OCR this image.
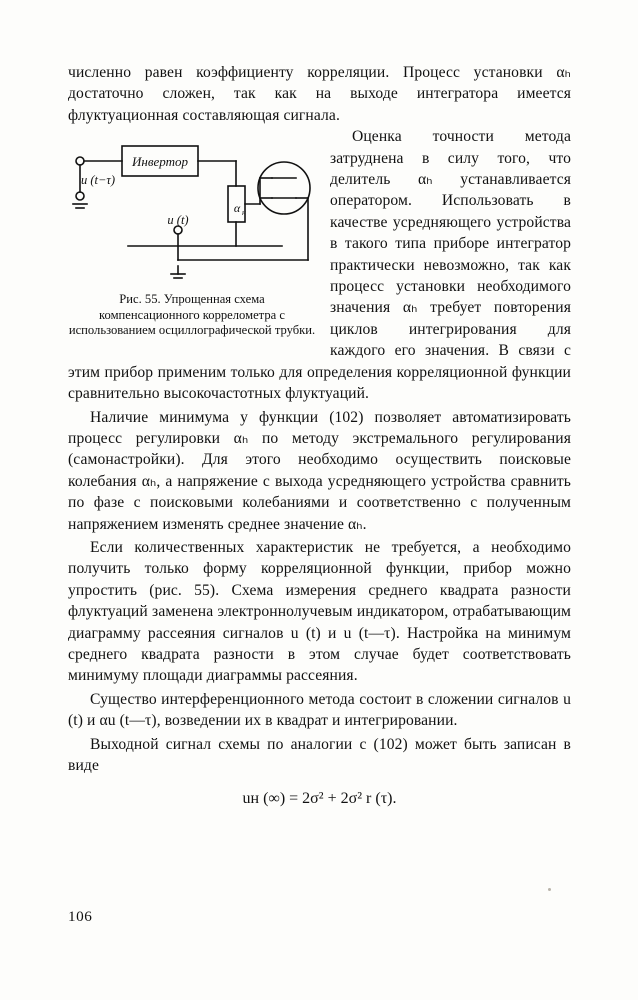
численно равен коэффициенту корреляции. Процесс установки αₕ достаточно сложен, так как на выходе интегратора имеется флуктуационная составляющая сигнала.

Инвертор
u (t−τ)
α н
u (t)
Рис. 55. Упрощенная схема компенсационного коррелометра с использованием осциллографической трубки.

Оценка точности метода затруднена в силу того, что делитель αₕ устанавливается оператором. Использовать в качестве усредняющего устройства в такого типа приборе интегратор практически невозможно, так как процесс установки необходимого значения αₕ требует повторения циклов интегрирования для каждого его значения. В связи с этим прибор применим только для определения корреляционной функции сравнительно высокочастотных флуктуаций.

Наличие минимума у функции (102) позволяет автоматизировать процесс регулировки αₕ по методу экстремального регулирования (самонастройки). Для этого необходимо осуществить поисковые колебания αₕ, а напряжение с выхода усредняющего устройства сравнить по фазе с поисковыми колебаниями и соответственно с полученным напряжением изменять среднее значение αₕ.

Если количественных характеристик не требуется, а необходимо получить только форму корреляционной функции, прибор можно упростить (рис. 55). Схема измерения среднего квадрата разности флуктуаций заменена электроннолучевым индикатором, отрабатывающим диаграмму рассеяния сигналов u (t) и u (t—τ). Настройка на минимум среднего квадрата разности в этом случае будет соответствовать минимуму площади диаграммы рассеяния.

Существо интерференционного метода состоит в сложении сигналов u (t) и αu (t—τ), возведении их в квадрат и интегрировании.

Выходной сигнал схемы по аналогии с (102) может быть записан в виде

uн (∞) = 2σ² + 2σ² r (τ).
106
